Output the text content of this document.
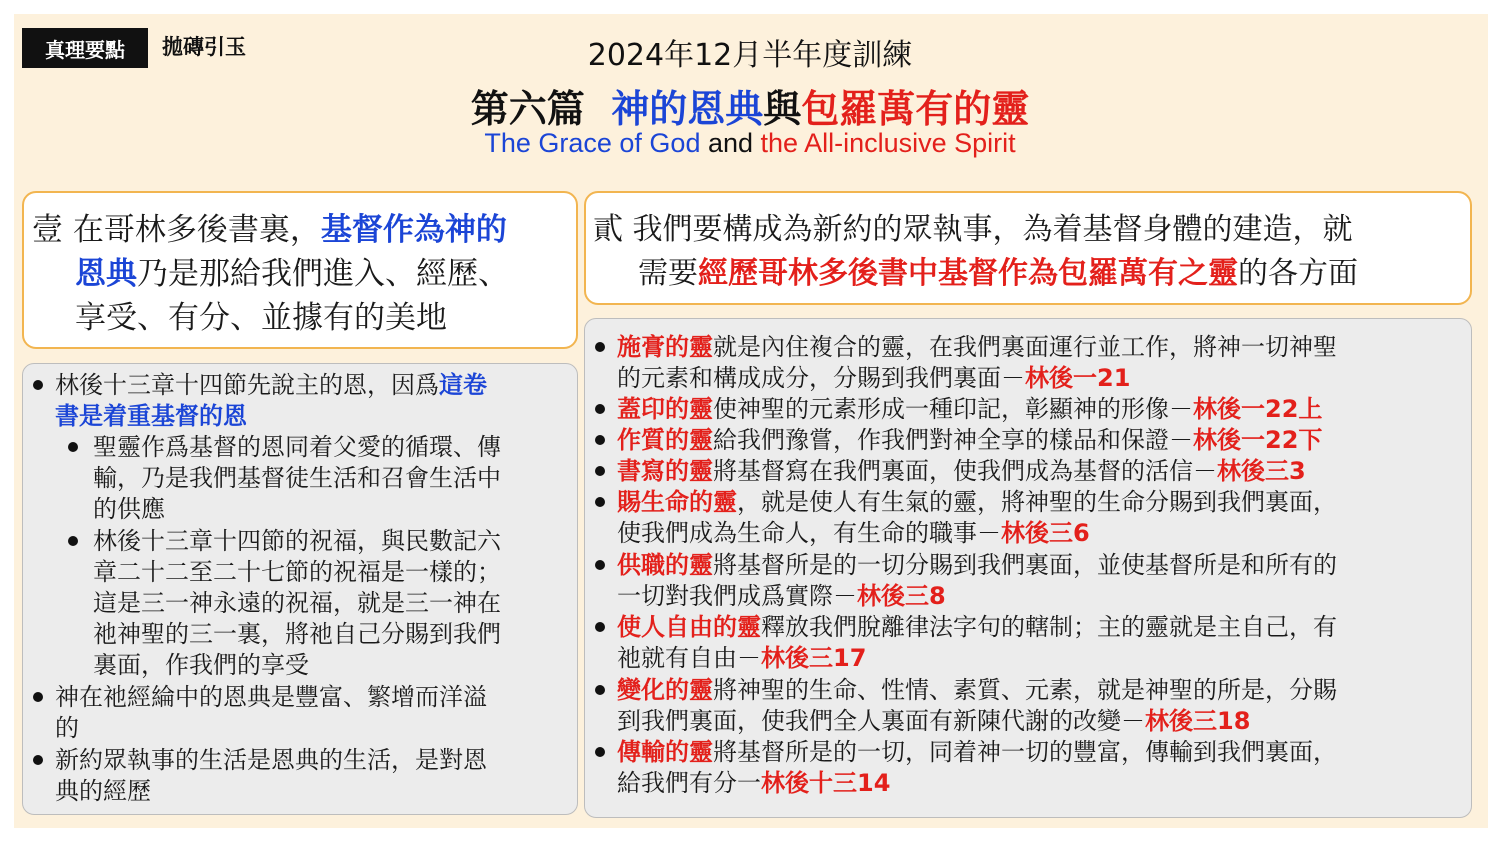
真理要點	拋磚引玉	2024年12月半年度訓練
第六篇 神的恩典與包羅萬有的靈
The Grace of God and the All-inclusive Spirit
壹 在哥林多後書裏，基督作為神的
恩典乃是那給我們進入、經歷、
享受、有分、並據有的美地
貳 我們要構成為新約的眾執事，為着基督身體的建造，就
需要經歷哥林多後書中基督作為包羅萬有之靈的各方面
林後十三章十四節先說主的恩，因爲這卷
書是着重基督的恩
聖靈作爲基督的恩同着父愛的循環、傳
輸，乃是我們基督徒生活和召會生活中
的供應
林後十三章十四節的祝福，與民數記六
章二十二至二十七節的祝福是一樣的；
這是三一神永遠的祝福，就是三一神在
祂神聖的三一裏，將祂自己分賜到我們
裏面，作我們的享受
神在祂經綸中的恩典是豐富、繁增而洋溢
的
新約眾執事的生活是恩典的生活，是對恩
典的經歷
施膏的靈就是內住複合的靈，在我們裏面運行並工作，將神一切神聖
的元素和構成成分，分賜到我們裏面－林後一21
蓋印的靈使神聖的元素形成一種印記，彰顯神的形像－林後一22上
作質的靈給我們豫嘗，作我們對神全享的樣品和保證－林後一22下
書寫的靈將基督寫在我們裏面，使我們成為基督的活信－林後三3
賜生命的靈，就是使人有生氣的靈，將神聖的生命分賜到我們裏面，
使我們成為生命人，有生命的職事－林後三6
供職的靈將基督所是的一切分賜到我們裏面，並使基督所是和所有的
一切對我們成爲實際－林後三8
使人自由的靈釋放我們脫離律法字句的轄制；主的靈就是主自己，有
祂就有自由－林後三17
變化的靈將神聖的生命、性情、素質、元素，就是神聖的所是，分賜
到我們裏面，使我們全人裏面有新陳代謝的改變－林後三18
傳輸的靈將基督所是的一切，同着神一切的豐富，傳輸到我們裏面，
給我們有分一林後十三14
